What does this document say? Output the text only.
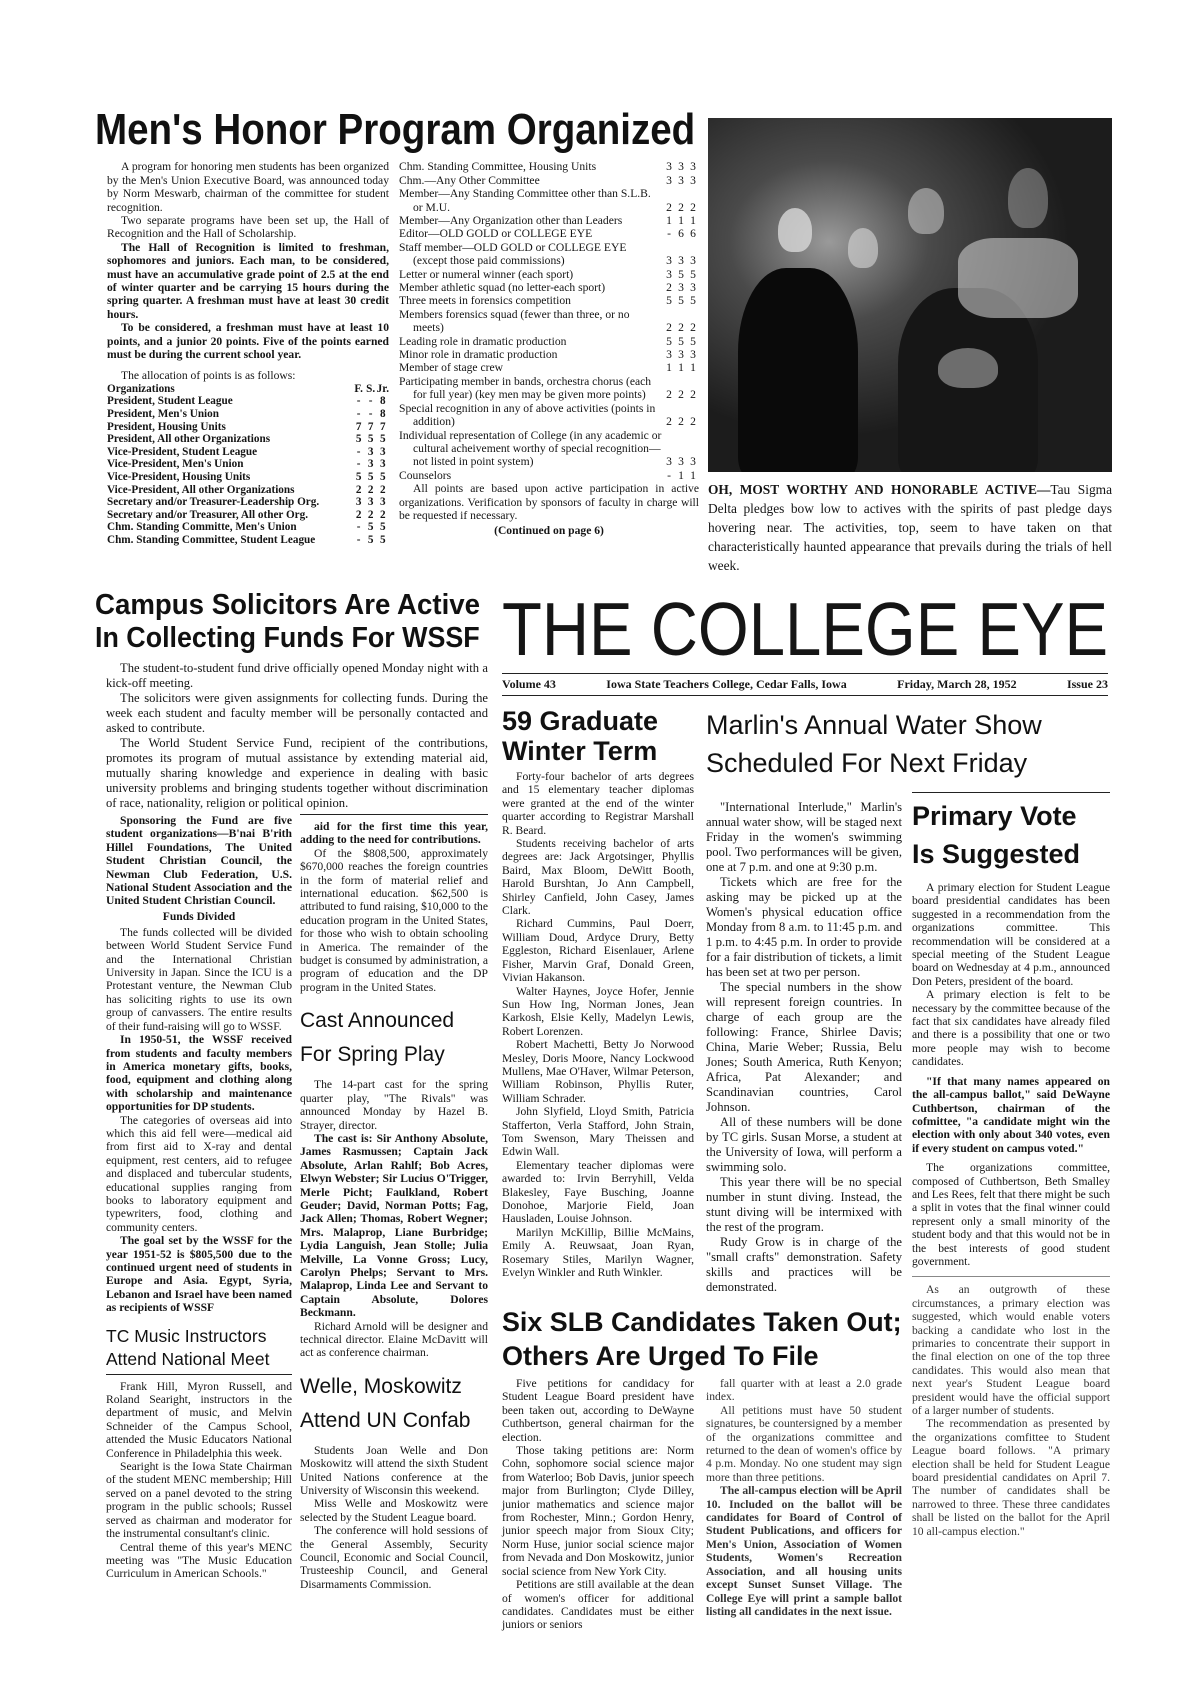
Men's Honor Program Organized

A program for honoring men students has been organized by the Men's Union Executive Board, was announced today by Norm Meswarb, chairman of the committee for student recognition.

Two separate programs have been set up, the Hall of Recognition and the Hall of Scholarship.

The Hall of Recognition is limited to freshman, sophomores and juniors. Each man, to be considered, must have an accumulative grade point of 2.5 at the end of winter quarter and be carrying 15 hours during the spring quarter. A freshman must have at least 30 credit hours.

To be considered, a freshman must have at least 10 points, and a junior 20 points. Five of the points earned must be during the current school year.

The allocation of points is as follows:

Organizations	F.	S.	Jr.
President, Student League	-	-	8
President, Men's Union	-	-	8
President, Housing Units	7	7	7
President, All other Organizations	5	5	5
Vice-President, Student League	-	3	3
Vice-President, Men's Union	-	3	3
Vice-President, Housing Units	5	5	5
Vice-President, All other Organizations	2	2	2
Secretary and/or Treasurer-Leadership Org.	3	3	3
Secretary and/or Treasurer, All other Org.	2	2	2
Chm. Standing Committe, Men's Union	-	5	5
Chm. Standing Committee, Student League	-	5	5
Chm. Standing Committee, Housing Units	3	3	3
Chm.—Any Other Committee	3	3	3
Member—Any Standing Committee other than S.L.B. or M.U.	2	2	2
Member—Any Organization other than Leaders	1	1	1
Editor—OLD GOLD or COLLEGE EYE	-	6	6
Staff member—OLD GOLD or COLLEGE EYE (except those paid commissions)	3	3	3
Letter or numeral winner (each sport)	3	5	5
Member athletic squad (no letter-each sport)	2	3	3
Three meets in forensics competition	5	5	5
Members forensics squad (fewer than three, or no meets)	2	2	2
Leading role in dramatic production	5	5	5
Minor role in dramatic production	3	3	3
Member of stage crew	1	1	1
Participating member in bands, orchestra chorus (each for full year) (key men may be given more points)	2	2	2
Special recognition in any of above activities (points in addition)	2	2	2
Individual representation of College (in any academic or cultural acheivement worthy of special recognition—not listed in point system)	3	3	3
Counselors	-	1	1

All points are based upon active participation in active organizations. Verification by sponsors of faculty in charge will be requested if necessary.

(Continued on page 6)
OH, MOST WORTHY AND HONORABLE ACTIVE—Tau Sigma Delta pledges bow low to actives with the spirits of past pledge days hovering near. The activities, top, seem to have taken on that characteristically haunted appearance that prevails during the trials of hell week.
Campus Solicitors Are Active
In Collecting Funds For WSSF

The student-to-student fund drive officially opened Monday night with a kick-off meeting.

The solicitors were given assignments for collecting funds. During the week each student and faculty member will be personally contacted and asked to contribute.

The World Student Service Fund, recipient of the contributions, promotes its program of mutual assistance by extending material aid, mutually sharing knowledge and experience in dealing with basic university problems and bringing students together without discrimination of race, nationality, religion or political opinion.

Sponsoring the Fund are five student organizations—B'nai B'rith Hillel Foundations, The United Student Christian Council, the Newman Club Federation, U.S. National Student Association and the United Student Christian Council.

Funds Divided

The funds collected will be divided between World Student Service Fund and the International Christian University in Japan. Since the ICU is a Protestant venture, the Newman Club has soliciting rights to use its own group of canvassers. The entire results of their fund-raising will go to WSSF.

In 1950-51, the WSSF received from students and faculty members in America monetary gifts, books, food, equipment and clothing along with scholarship and maintenance opportunities for DP students.

The categories of overseas aid into which this aid fell were—medical aid from first aid to X-ray and dental equipment, rest centers, aid to refugee and displaced and tubercular students, educational supplies ranging from books to laboratory equipment and typewriters, food, clothing and community centers.

The goal set by the WSSF for the year 1951-52 is $805,500 due to the continued urgent need of students in Europe and Asia. Egypt, Syria, Lebanon and Israel have been named as recipients of WSSF

TC Music Instructors
Attend National Meet

Frank Hill, Myron Russell, and Roland Searight, instructors in the department of music, and Melvin Schneider of the Campus School, attended the Music Educators National Conference in Philadelphia this week.

Searight is the Iowa State Chairman of the student MENC membership; Hill served on a panel devoted to the string program in the public schools; Russel served as chairman and moderator for the instrumental consultant's clinic.

Central theme of this year's MENC meeting was "The Music Education Curriculum in American Schools."

aid for the first time this year, adding to the need for contributions.

Of the $808,500, approximately $670,000 reaches the foreign countries in the form of material relief and international education. $62,500 is attributed to fund raising, $10,000 to the education program in the United States, for those who wish to obtain schooling in America. The remainder of the budget is consumed by administration, a program of education and the DP program in the United States.

Cast Announced
For Spring Play

The 14-part cast for the spring quarter play, "The Rivals" was announced Monday by Hazel B. Strayer, director.

The cast is: Sir Anthony Absolute, James Rasmussen; Captain Jack Absolute, Arlan Rahlf; Bob Acres, Elwyn Webster; Sir Lucius O'Trigger, Merle Picht; Faulkland, Robert Geuder; David, Norman Potts; Fag, Jack Allen; Thomas, Robert Wegner; Mrs. Malaprop, Liane Burbridge; Lydia Languish, Jean Stolle; Julia Melville, La Vonne Gross; Lucy, Carolyn Phelps; Servant to Mrs. Malaprop, Linda Lee and Servant to Captain Absolute, Dolores Beckmann.

Richard Arnold will be designer and technical director. Elaine McDavitt will act as conference chairman.

Welle, Moskowitz
Attend UN Confab

Students Joan Welle and Don Moskowitz will attend the sixth Student United Nations conference at the University of Wisconsin this weekend.

Miss Welle and Moskowitz were selected by the Student League board.

The conference will hold sessions of the General Assembly, Security Council, Economic and Social Council, Trusteeship Council, and General Disarmaments Commission.

THE COLLEGE EYE
Volume 43	Iowa State Teachers College, Cedar Falls, Iowa	Friday, March 28, 1952	Issue 23
59 Graduate
Winter Term

Forty-four bachelor of arts degrees and 15 elementary teacher diplomas were granted at the end of the winter quarter according to Registrar Marshall R. Beard.

Students receiving bachelor of arts degrees are: Jack Argotsinger, Phyllis Baird, Max Bloom, DeWitt Booth, Harold Burshtan, Jo Ann Campbell, Shirley Canfield, John Casey, James Clark.

Richard Cummins, Paul Doerr, William Doud, Ardyce Drury, Betty Eggleston, Richard Eisenlauer, Arlene Fisher, Marvin Graf, Donald Green, Vivian Hakanson.

Walter Haynes, Joyce Hofer, Jennie Sun How Ing, Norman Jones, Jean Karkosh, Elsie Kelly, Madelyn Lewis, Robert Lorenzen.

Robert Machetti, Betty Jo Norwood Mesley, Doris Moore, Nancy Lockwood Mullens, Mae O'Haver, Wilmar Peterson, William Robinson, Phyllis Ruter, William Schrader.

John Slyfield, Lloyd Smith, Patricia Stafferton, Verla Stafford, John Strain, Tom Swenson, Mary Theissen and Edwin Wall.

Elementary teacher diplomas were awarded to: Irvin Berryhill, Velda Blakesley, Faye Busching, Joanne Donohoe, Marjorie Field, Joan Hausladen, Louise Johnson.

Marilyn McKillip, Billie McMains, Emily A. Reuwsaat, Joan Ryan, Rosemary Stiles, Marilyn Wagner, Evelyn Winkler and Ruth Winkler.

Marlin's Annual Water Show
Scheduled For Next Friday

"International Interlude," Marlin's annual water show, will be staged next Friday in the women's swimming pool. Two performances will be given, one at 7 p.m. and one at 9:30 p.m.

Tickets which are free for the asking may be picked up at the Women's physical education office Monday from 8 a.m. to 11:45 p.m. and 1 p.m. to 4:45 p.m. In order to provide for a fair distribution of tickets, a limit has been set at two per person.

The special numbers in the show will represent foreign countries. In charge of each group are the following: France, Shirlee Davis; China, Marie Weber; Russia, Belu Jones; South America, Ruth Kenyon; Africa, Pat Alexander; and Scandinavian countries, Carol Johnson.

All of these numbers will be done by TC girls. Susan Morse, a student at the University of Iowa, will perform a swimming solo.

This year there will be no special number in stunt diving. Instead, the stunt diving will be intermixed with the rest of the program.

Rudy Grow is in charge of the "small crafts" demonstration. Safety skills and practices will be demonstrated.

Six SLB Candidates Taken Out;
Others Are Urged To File

Five petitions for candidacy for Student League Board president have been taken out, according to DeWayne Cuthbertson, general chairman for the election.

Those taking petitions are: Norm Cohn, sophomore social science major from Waterloo; Bob Davis, junior speech major from Burlington; Clyde Dilley, junior mathematics and science major from Rochester, Minn.; Gordon Henry, junior speech major from Sioux City; Norm Huse, junior social science major from Nevada and Don Moskowitz, junior social science from New York City.

Petitions are still available at the dean of women's officer for additional candidates. Candidates must be either juniors or seniors

fall quarter with at least a 2.0 grade index.

All petitions must have 50 student signatures, be countersigned by a member of the organizations committee and returned to the dean of women's office by 4 p.m. Monday. No one student may sign more than three petitions.

The all-campus election will be April 10. Included on the ballot will be candidates for Board of Control of Student Publications, and officers for Men's Union, Association of Women Students, Women's Recreation Association, and all housing units except Sunset Sunset Village. The College Eye will print a sample ballot listing all candidates in the next issue.

Primary Vote
Is Suggested

A primary election for Student League board presidential candidates has been suggested in a recommendation from the organizations committee. This recommendation will be considered at a special meeting of the Student League board on Wednesday at 4 p.m., announced Don Peters, president of the board.

A primary election is felt to be necessary by the committee because of the fact that six candidates have already filed and there is a possibility that one or two more people may wish to become candidates.

"If that many names appeared on the all-campus ballot," said DeWayne Cuthbertson, chairman of the cofmittee, "a candidate might win the election with only about 340 votes, even if every student on campus voted."

The organizations committee, composed of Cuthbertson, Beth Smalley and Les Rees, felt that there might be such a split in votes that the final winner could represent only a small minority of the student body and that this would not be in the best interests of good student government.

As an outgrowth of these circumstances, a primary election was suggested, which would enable voters backing a candidate who lost in the primaries to concentrate their support in the final election on one of the top three candidates. This would also mean that next year's Student League board president would have the official support of a larger number of students.

The recommendation as presented by the organizations comfittee to Student League board follows. "A primary election shall be held for Student League board presidential candidates on April 7. The number of candidates shall be narrowed to three. These three candidates shall be listed on the ballot for the April 10 all-campus election."
